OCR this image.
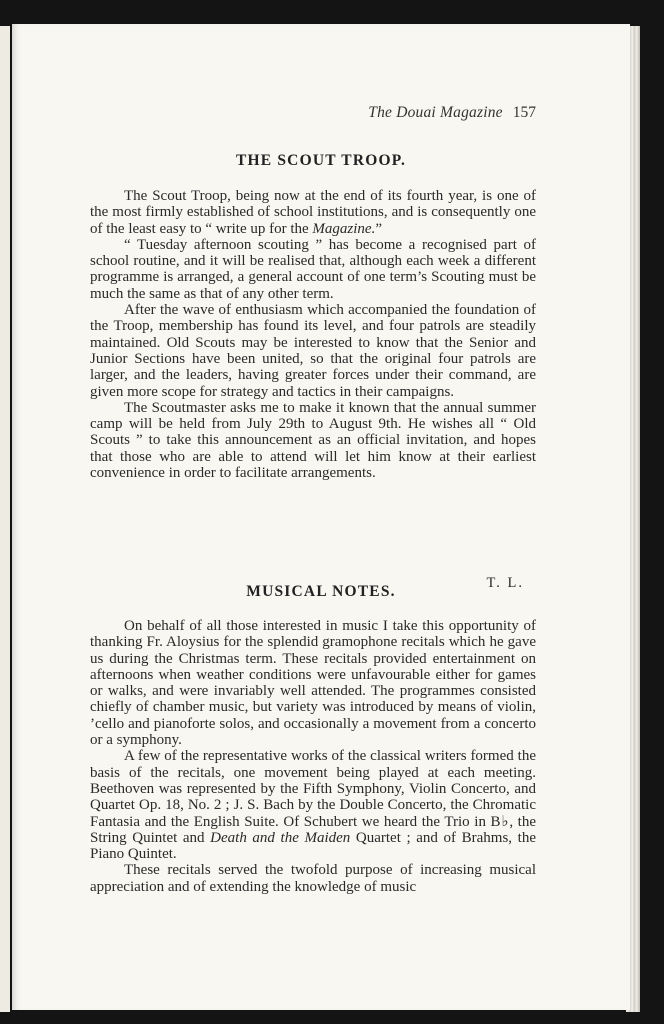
The Douai Magazine 157
THE SCOUT TROOP.

The Scout Troop, being now at the end of its fourth year, is one of the most firmly established of school institutions, and is consequently one of the least easy to “ write up for the Magazine.”

“ Tuesday afternoon scouting ” has become a recognised part of school routine, and it will be realised that, although each week a different programme is arranged, a general account of one term’s Scouting must be much the same as that of any other term.

After the wave of enthusiasm which accompanied the foundation of the Troop, membership has found its level, and four patrols are steadily maintained. Old Scouts may be interested to know that the Senior and Junior Sections have been united, so that the original four patrols are larger, and the leaders, having greater forces under their command, are given more scope for strategy and tactics in their campaigns.

The Scoutmaster asks me to make it known that the annual summer camp will be held from July 29th to August 9th. He wishes all “ Old Scouts ” to take this announcement as an official invitation, and hopes that those who are able to attend will let him know at their earliest convenience in order to facilitate arrangements.

T. L.
MUSICAL NOTES.

On behalf of all those interested in music I take this opportunity of thanking Fr. Aloysius for the splendid gramophone recitals which he gave us during the Christmas term. These recitals provided entertainment on afternoons when weather conditions were unfavourable either for games or walks, and were invariably well attended. The programmes consisted chiefly of chamber music, but variety was introduced by means of violin, ’cello and pianoforte solos, and occasionally a movement from a concerto or a symphony.

A few of the representative works of the classical writers formed the basis of the recitals, one movement being played at each meeting. Beethoven was represented by the Fifth Symphony, Violin Concerto, and Quartet Op. 18, No. 2 ; J. S. Bach by the Double Concerto, the Chromatic Fantasia and the English Suite. Of Schubert we heard the Trio in B♭, the String Quintet and Death and the Maiden Quartet ; and of Brahms, the Piano Quintet.

These recitals served the twofold purpose of increasing musical appreciation and of extending the knowledge of music
